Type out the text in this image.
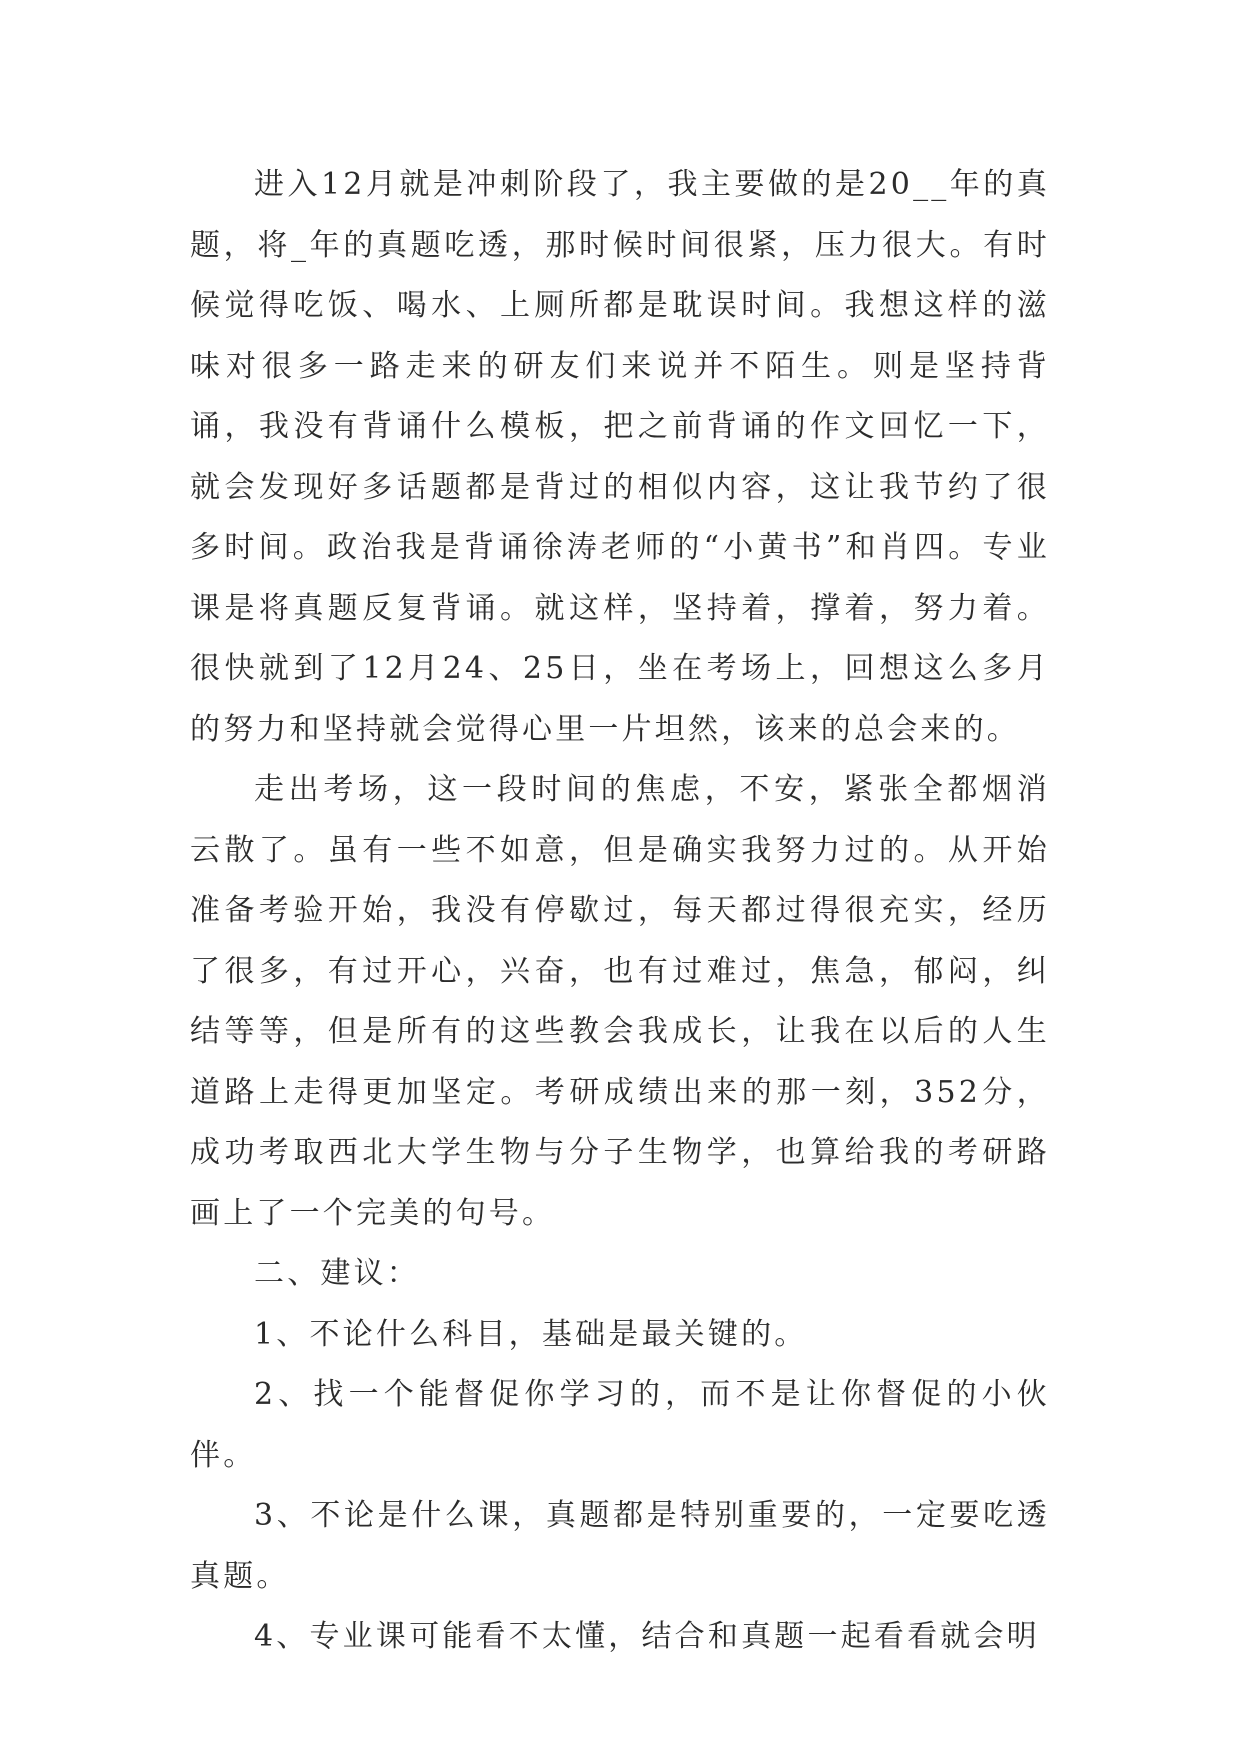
进入12月就是冲刺阶段了，我主要做的是20__年的真题，将_年的真题吃透，那时候时间很紧，压力很大。有时候觉得吃饭、喝水、上厕所都是耽误时间。我想这样的滋味对很多一路走来的研友们来说并不陌生。则是坚持背诵，我没有背诵什么模板，把之前背诵的作文回忆一下，就会发现好多话题都是背过的相似内容，这让我节约了很多时间。政治我是背诵徐涛老师的“小黄书”和肖四。专业课是将真题反复背诵。就这样，坚持着，撑着，努力着。很快就到了12月24、25日，坐在考场上，回想这么多月的努力和坚持就会觉得心里一片坦然，该来的总会来的。

走出考场，这一段时间的焦虑，不安，紧张全都烟消云散了。虽有一些不如意，但是确实我努力过的。从开始准备考验开始，我没有停歇过，每天都过得很充实，经历了很多，有过开心，兴奋，也有过难过，焦急，郁闷，纠结等等，但是所有的这些教会我成长，让我在以后的人生道路上走得更加坚定。考研成绩出来的那一刻，352分，成功考取西北大学生物与分子生物学，也算给我的考研路画上了一个完美的句号。

二、建议：

1、不论什么科目，基础是最关键的。

2、找一个能督促你学习的，而不是让你督促的小伙伴。

3、不论是什么课，真题都是特别重要的，一定要吃透真题。

4、专业课可能看不太懂，结合和真题一起看看就会明
